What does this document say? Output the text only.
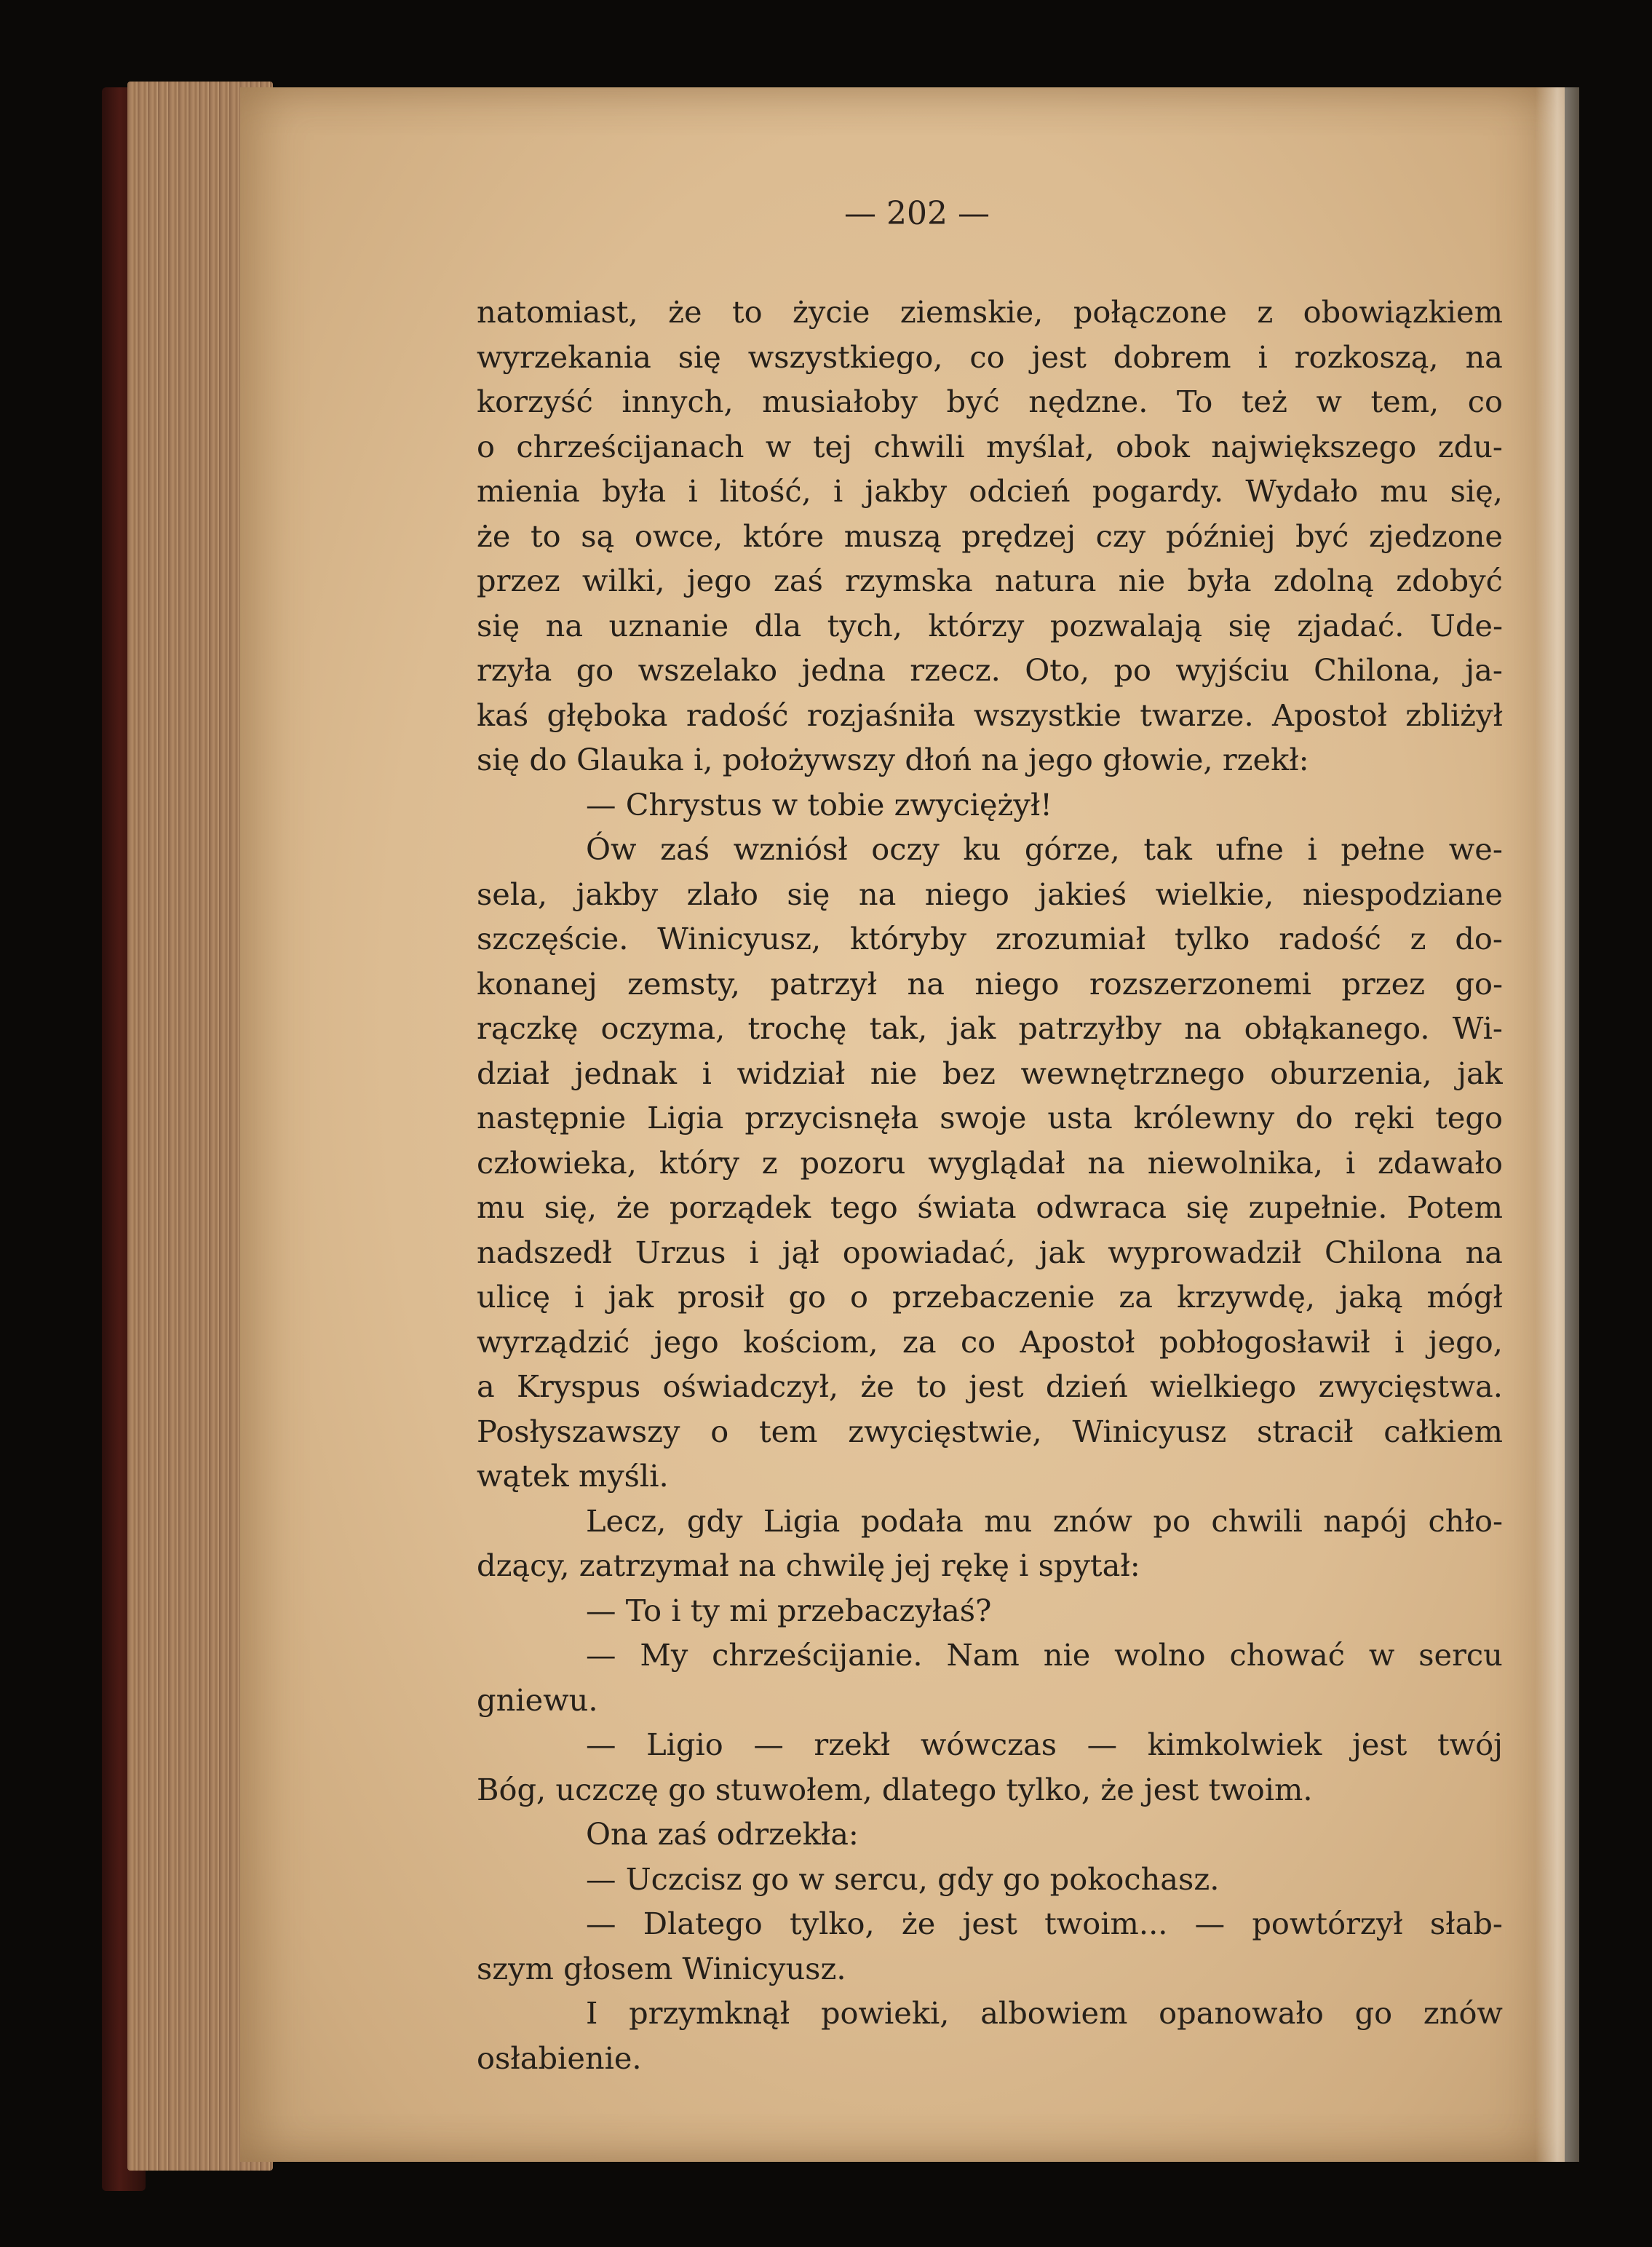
— 202 —
natomiast, że to życie ziemskie, połączone z obowiązkiem
wyrzekania się wszystkiego, co jest dobrem i rozkoszą, na
korzyść innych, musiałoby być nędzne. To też w tem, co
o chrześcijanach w tej chwili myślał, obok największego zdu-
mienia była i litość, i jakby odcień pogardy. Wydało mu się,
że to są owce, które muszą prędzej czy później być zjedzone
przez wilki, jego zaś rzymska natura nie była zdolną zdobyć
się na uznanie dla tych, którzy pozwalają się zjadać. Ude-
rzyła go wszelako jedna rzecz. Oto, po wyjściu Chilona, ja-
kaś głęboka radość rozjaśniła wszystkie twarze. Apostoł zbliżył
się do Glauka i, położywszy dłoń na jego głowie, rzekł:
— Chrystus w tobie zwyciężył!
Ów zaś wzniósł oczy ku górze, tak ufne i pełne we-
sela, jakby zlało się na niego jakieś wielkie, niespodziane
szczęście. Winicyusz, któryby zrozumiał tylko radość z do-
konanej zemsty, patrzył na niego rozszerzonemi przez go-
rączkę oczyma, trochę tak, jak patrzyłby na obłąkanego. Wi-
dział jednak i widział nie bez wewnętrznego oburzenia, jak
następnie Ligia przycisnęła swoje usta królewny do ręki tego
człowieka, który z pozoru wyglądał na niewolnika, i zdawało
mu się, że porządek tego świata odwraca się zupełnie. Potem
nadszedł Urzus i jął opowiadać, jak wyprowadził Chilona na
ulicę i jak prosił go o przebaczenie za krzywdę, jaką mógł
wyrządzić jego kościom, za co Apostoł pobłogosławił i jego,
a Kryspus oświadczył, że to jest dzień wielkiego zwycięstwa.
Posłyszawszy o tem zwycięstwie, Winicyusz stracił całkiem
wątek myśli.
Lecz, gdy Ligia podała mu znów po chwili napój chło-
dzący, zatrzymał na chwilę jej rękę i spytał:
— To i ty mi przebaczyłaś?
— My chrześcijanie. Nam nie wolno chować w sercu
gniewu.
— Ligio — rzekł wówczas — kimkolwiek jest twój
Bóg, uczczę go stuwołem, dlatego tylko, że jest twoim.
Ona zaś odrzekła:
— Uczcisz go w sercu, gdy go pokochasz.
— Dlatego tylko, że jest twoim... — powtórzył słab-
szym głosem Winicyusz.
I przymknął powieki, albowiem opanowało go znów
osłabienie.
